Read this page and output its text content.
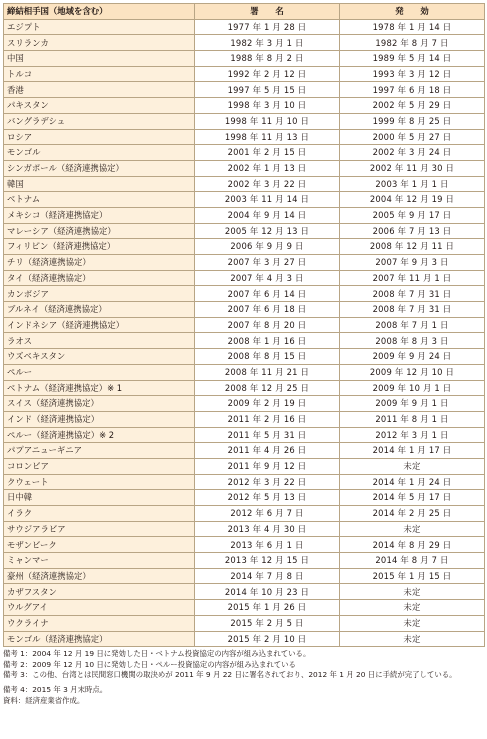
締結相手国（地域を含む）	署　　名	発　　効
エジプト	1977 年 1 月 28 日	1978 年 1 月 14 日
スリランカ	1982 年 3 月 1 日	1982 年 8 月 7 日
中国	1988 年 8 月 2 日	1989 年 5 月 14 日
トルコ	1992 年 2 月 12 日	1993 年 3 月 12 日
香港	1997 年 5 月 15 日	1997 年 6 月 18 日
パキスタン	1998 年 3 月 10 日	2002 年 5 月 29 日
バングラデシュ	1998 年 11 月 10 日	1999 年 8 月 25 日
ロシア	1998 年 11 月 13 日	2000 年 5 月 27 日
モンゴル	2001 年 2 月 15 日	2002 年 3 月 24 日
シンガポール（経済連携協定）	2002 年 1 月 13 日	2002 年 11 月 30 日
韓国	2002 年 3 月 22 日	2003 年 1 月 1 日
ベトナム	2003 年 11 月 14 日	2004 年 12 月 19 日
メキシコ（経済連携協定）	2004 年 9 月 14 日	2005 年 9 月 17 日
マレーシア（経済連携協定）	2005 年 12 月 13 日	2006 年 7 月 13 日
フィリピン（経済連携協定）	2006 年 9 月 9 日	2008 年 12 月 11 日
チリ（経済連携協定）	2007 年 3 月 27 日	2007 年 9 月 3 日
タイ（経済連携協定）	2007 年 4 月 3 日	2007 年 11 月 1 日
カンボジア	2007 年 6 月 14 日	2008 年 7 月 31 日
ブルネイ（経済連携協定）	2007 年 6 月 18 日	2008 年 7 月 31 日
インドネシア（経済連携協定）	2007 年 8 月 20 日	2008 年 7 月 1 日
ラオス	2008 年 1 月 16 日	2008 年 8 月 3 日
ウズベキスタン	2008 年 8 月 15 日	2009 年 9 月 24 日
ペルー	2008 年 11 月 21 日	2009 年 12 月 10 日
ベトナム（経済連携協定）※ 1	2008 年 12 月 25 日	2009 年 10 月 1 日
スイス（経済連携協定）	2009 年 2 月 19 日	2009 年 9 月 1 日
インド（経済連携協定）	2011 年 2 月 16 日	2011 年 8 月 1 日
ペルー（経済連携協定）※ 2	2011 年 5 月 31 日	2012 年 3 月 1 日
パプアニューギニア	2011 年 4 月 26 日	2014 年 1 月 17 日
コロンビア	2011 年 9 月 12 日	未定
クウェート	2012 年 3 月 22 日	2014 年 1 月 24 日
日中韓	2012 年 5 月 13 日	2014 年 5 月 17 日
イラク	2012 年 6 月 7 日	2014 年 2 月 25 日
サウジアラビア	2013 年 4 月 30 日	未定
モザンビーク	2013 年 6 月 1 日	2014 年 8 月 29 日
ミャンマー	2013 年 12 月 15 日	2014 年 8 月 7 日
豪州（経済連携協定）	2014 年 7 月 8 日	2015 年 1 月 15 日
カザフスタン	2014 年 10 月 23 日	未定
ウルグアイ	2015 年 1 月 26 日	未定
ウクライナ	2015 年 2 月 5 日	未定
モンゴル（経済連携協定）	2015 年 2 月 10 日	未定
備考 1： 2004 年 12 月 19 日に発効した日・ベトナム投資協定の内容が組み込まれている。
備考 2： 2009 年 12 月 10 日に発効した日・ペルー投資協定の内容が組み込まれている
備考 3： この他、台湾とは民間窓口機関の取決めが 2011 年 9 月 22 日に署名されており、2012 年 1 月 20 日に手続が完了している。
備考 4： 2015 年 3 月末時点。
資料： 経済産業省作成。
